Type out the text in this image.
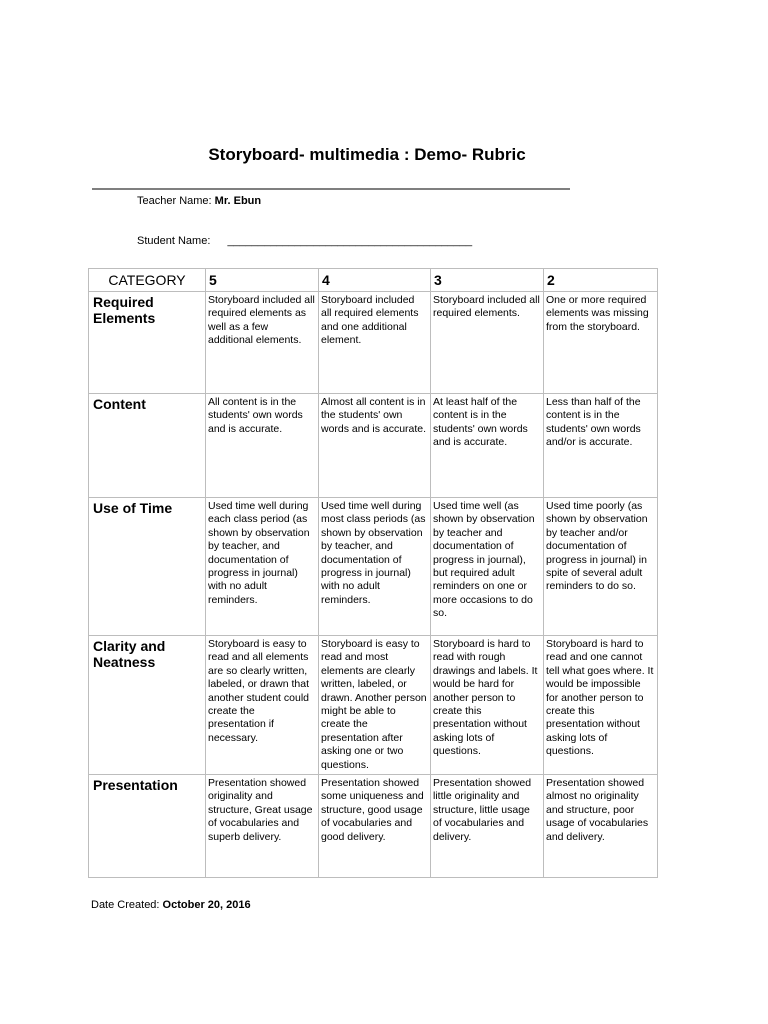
Storyboard- multimedia : Demo- Rubric
Teacher Name: Mr. Ebun
Student Name: ________________________________________
CATEGORY	5	4	3	2
Required Elements	Storyboard included all required elements as well as a few additional elements.	Storyboard included all required elements and one additional element.	Storyboard included all required elements.	One or more required elements was missing from the storyboard.
Content	All content is in the students' own words and is accurate.	Almost all content is in the students' own words and is accurate.	At least half of the content is in the students' own words and is accurate.	Less than half of the content is in the students' own words and/or is accurate.
Use of Time	Used time well during each class period (as shown by observation by teacher, and documentation of progress in journal) with no adult reminders.	Used time well during most class periods (as shown by observation by teacher, and documentation of progress in journal) with no adult reminders.	Used time well (as shown by observation by teacher and documentation of progress in journal), but required adult reminders on one or more occasions to do so.	Used time poorly (as shown by observation by teacher and/or documentation of progress in journal) in spite of several adult reminders to do so.
Clarity and Neatness	Storyboard is easy to read and all elements are so clearly written, labeled, or drawn that another student could create the presentation if necessary.	Storyboard is easy to read and most elements are clearly written, labeled, or drawn. Another person might be able to create the presentation after asking one or two questions.	Storyboard is hard to read with rough drawings and labels. It would be hard for another person to create this presentation without asking lots of questions.	Storyboard is hard to read and one cannot tell what goes where. It would be impossible for another person to create this presentation without asking lots of questions.
Presentation	Presentation showed originality and structure, Great usage of vocabularies and superb delivery.	Presentation showed some uniqueness and structure, good usage of vocabularies and good delivery.	Presentation showed little originality and structure, little usage of vocabularies and delivery.	Presentation showed almost no originality and structure, poor usage of vocabularies and delivery.
Date Created: October 20, 2016
